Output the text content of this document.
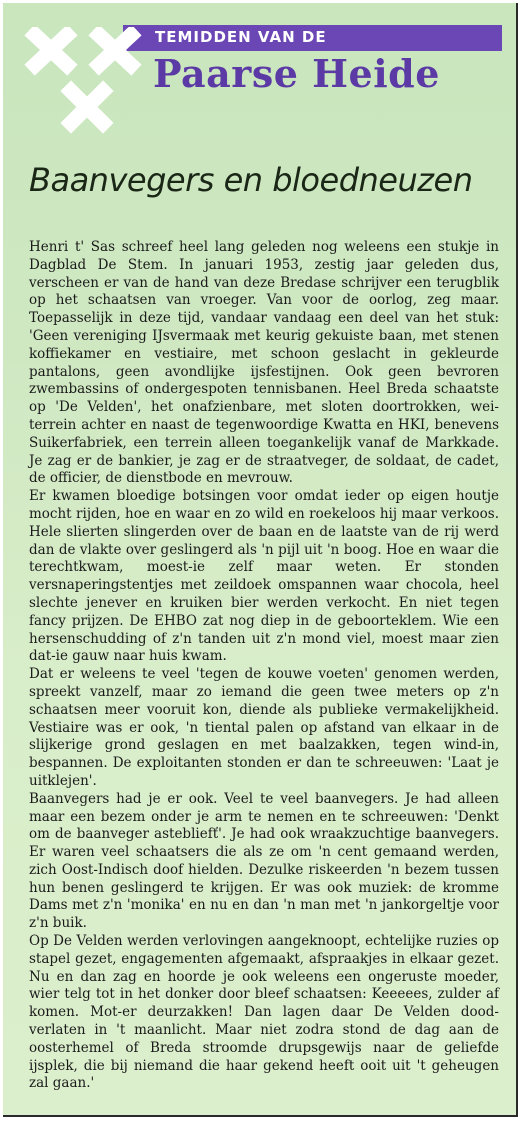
TEMIDDEN VAN DE
Paarse Heide
Baanvegers en bloedneuzen

Henri t' Sas schreef heel lang geleden nog weleens een stukje in Dagblad De Stem. In januari 1953, zestig jaar geleden dus, verscheen er van de hand van deze Bredase schrijver een terugblik op het schaatsen van vroeger. Van voor de oorlog, zeg maar. Toepasselijk in deze tijd, vandaar vandaag een deel van het stuk: 'Geen vereniging IJsvermaak met keurig gekuiste baan, met stenen koffiekamer en vestiaire, met schoon geslacht in gekleurde pantalons, geen avondlijke ijsfestijnen. Ook geen bevroren zwembassins of ondergespoten tennisbanen. Heel Breda schaatste op 'De Velden', het onafzienbare, met sloten doortrokken, wei-terrein achter en naast de tegenwoordige Kwatta en HKI, benevens Suikerfabriek, een terrein alleen toegankelijk vanaf de Markkade. Je zag er de bankier, je zag er de straatveger, de soldaat, de cadet, de officier, de dienstbode en mevrouw.

Er kwamen bloedige botsingen voor omdat ieder op eigen houtje mocht rijden, hoe en waar en zo wild en roekeloos hij maar verkoos. Hele slierten slingerden over de baan en de laatste van de rij werd dan de vlakte over geslingerd als 'n pijl uit 'n boog. Hoe en waar die terechtkwam, moest-ie zelf maar weten. Er stonden versnaperingstentjes met zeildoek omspannen waar chocola, heel slechte jenever en kruiken bier werden verkocht. En niet tegen fancy prijzen. De EHBO zat nog diep in de geboorteklem. Wie een hersenschudding of z'n tanden uit z'n mond viel, moest maar zien dat-ie gauw naar huis kwam.

Dat er weleens te veel 'tegen de kouwe voeten' genomen werden, spreekt vanzelf, maar zo iemand die geen twee meters op z'n schaatsen meer vooruit kon, diende als publieke vermakelijkheid. Vestiaire was er ook, 'n tiental palen op afstand van elkaar in de slijkerige grond geslagen en met baalzakken, tegen wind-in, bespannen. De exploitanten stonden er dan te schreeuwen: 'Laat je uitklejen'.

Baanvegers had je er ook. Veel te veel baanvegers. Je had alleen maar een bezem onder je arm te nemen en te schreeuwen: 'Denkt om de baanveger astebliefť'. Je had ook wraakzuchtige baanvegers. Er waren veel schaatsers die als ze om 'n cent gemaand werden, zich Oost-Indisch doof hielden. Dezulke riskeerden 'n bezem tussen hun benen geslingerd te krijgen. Er was ook muziek: de kromme Dams met z'n 'monika' en nu en dan 'n man met 'n jankorgeltje voor z'n buik.

Op De Velden werden verlovingen aangeknoopt, echtelijke ruzies op stapel gezet, engagementen afgemaakt, afspraakjes in elkaar gezet. Nu en dan zag en hoorde je ook weleens een ongeruste moeder, wier telg tot in het donker door bleef schaatsen: Keeeees, zulder af komen. Mot-er deurzakken! Dan lagen daar De Velden dood-verlaten in 't maanlicht. Maar niet zodra stond de dag aan de oosterhemel of Breda stroomde drupsgewijs naar de geliefde ijsplek, die bij niemand die haar gekend heeft ooit uit 't geheugen zal gaan.'
